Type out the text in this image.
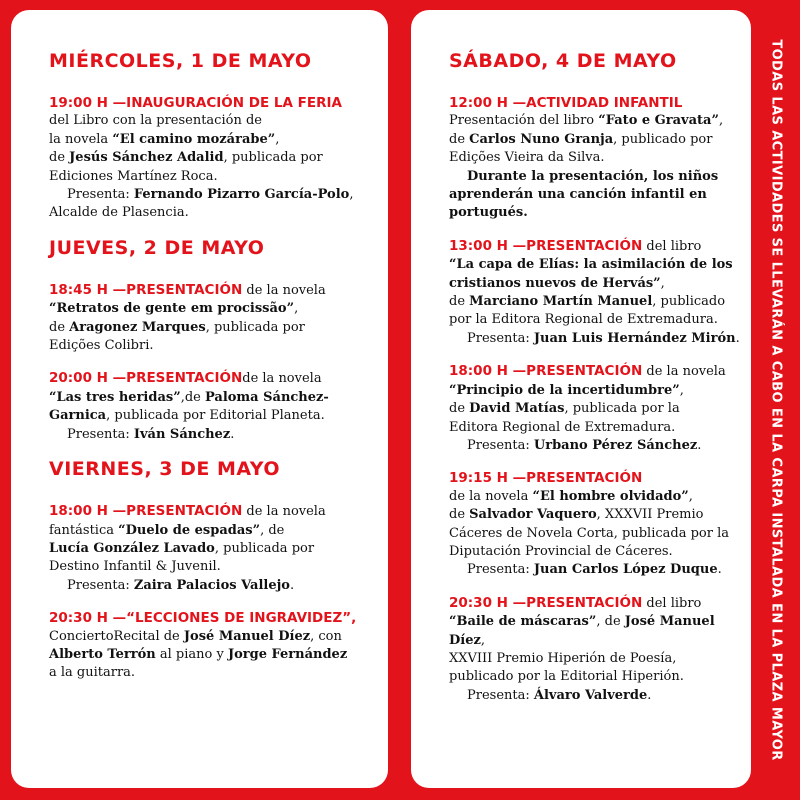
MIÉRCOLES, 1 DE MAYO
19:00 H —INAUGURACIÓN DE LA FERIA
del Libro con la presentación de
la novela “El camino mozárabe”,
de Jesús Sánchez Adalid, publicada por
Ediciones Martínez Roca.
Presenta: Fernando Pizarro García-Polo,
Alcalde de Plasencia.
JUEVES, 2 DE MAYO
18:45 H —PRESENTACIÓN de la novela
“Retratos de gente em procissão”,
de Aragonez Marques, publicada por
Edições Colibri.
20:00 H —PRESENTACIÓNde la novela
“Las tres heridas”,de Paloma Sánchez-
Garnica, publicada por Editorial Planeta.
Presenta: Iván Sánchez.
VIERNES, 3 DE MAYO
18:00 H —PRESENTACIÓN de la novela
fantástica “Duelo de espadas”, de
Lucía González Lavado, publicada por
Destino Infantil & Juvenil.
Presenta: Zaira Palacios Vallejo.
20:30 H —“LECCIONES DE INGRAVIDEZ”,
ConciertoRecital de José Manuel Díez, con
Alberto Terrón al piano y Jorge Fernández
a la guitarra.
SÁBADO, 4 DE MAYO
12:00 H —ACTIVIDAD INFANTIL
Presentación del libro “Fato e Gravata”,
de Carlos Nuno Granja, publicado por
Edições Vieira da Silva.
Durante la presentación, los niños
aprenderán una canción infantil en
portugués.
13:00 H —PRESENTACIÓN del libro
“La capa de Elías: la asimilación de los
cristianos nuevos de Hervás”,
de Marciano Martín Manuel, publicado
por la Editora Regional de Extremadura.
Presenta: Juan Luis Hernández Mirón.
18:00 H —PRESENTACIÓN de la novela
“Principio de la incertidumbre”,
de David Matías, publicada por la
Editora Regional de Extremadura.
Presenta: Urbano Pérez Sánchez.
19:15 H —PRESENTACIÓN
de la novela “El hombre olvidado”,
de Salvador Vaquero, XXXVII Premio
Cáceres de Novela Corta, publicada por la
Diputación Provincial de Cáceres.
Presenta: Juan Carlos López Duque.
20:30 H —PRESENTACIÓN del libro
“Baile de máscaras”, de José Manuel Díez,
XXVIII Premio Hiperión de Poesía,
publicado por la Editorial Hiperión.
Presenta: Álvaro Valverde.	TODAS LAS ACTIVIDADES SE LLEVARÁN A CABO EN LA CARPA INSTALADA EN LA PLAZA MAYOR
